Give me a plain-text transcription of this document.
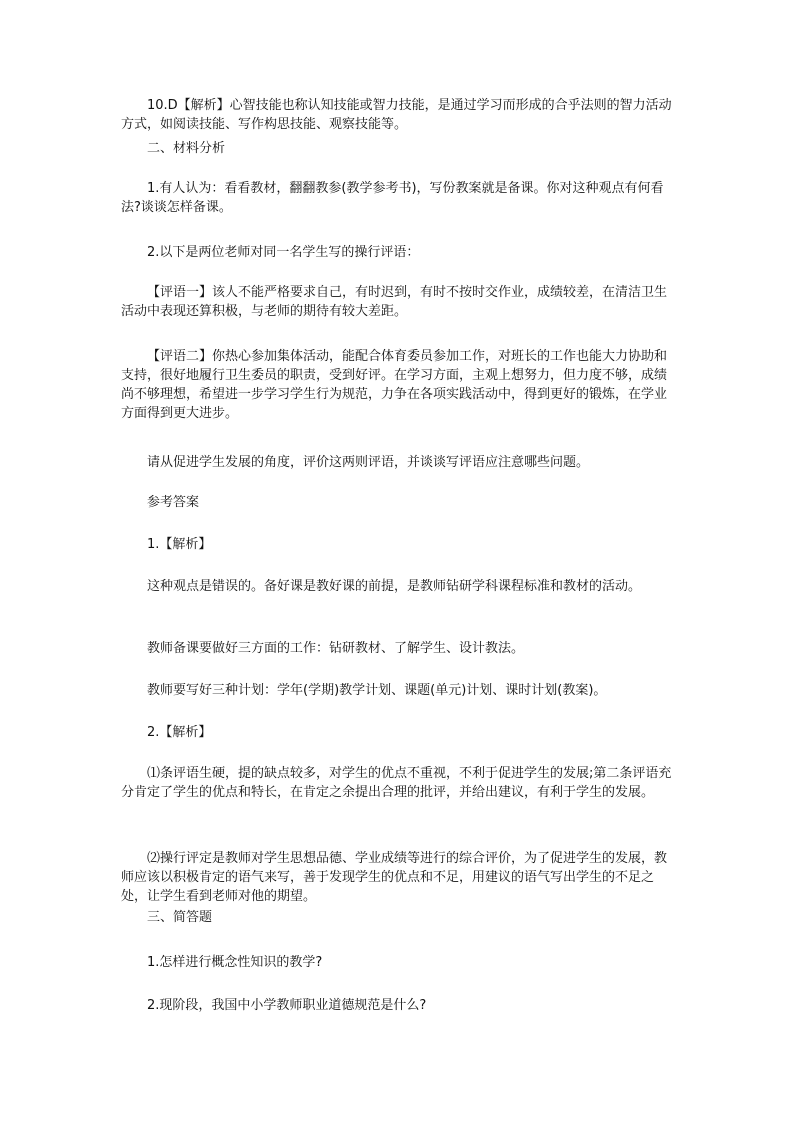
10.D【解析】心智技能也称认知技能或智力技能，是通过学习而形成的合乎法则的智力活动方式，如阅读技能、写作构思技能、观察技能等。

二、材料分析

1.有人认为：看看教材，翻翻教参(教学参考书)，写份教案就是备课。你对这种观点有何看法?谈谈怎样备课。

2.以下是两位老师对同一名学生写的操行评语：

【评语一】该人不能严格要求自己，有时迟到，有时不按时交作业，成绩较差，在清洁卫生活动中表现还算积极，与老师的期待有较大差距。

【评语二】你热心参加集体活动，能配合体育委员参加工作，对班长的工作也能大力协助和支持，很好地履行卫生委员的职责，受到好评。在学习方面，主观上想努力，但力度不够，成绩尚不够理想，希望进一步学习学生行为规范，力争在各项实践活动中，得到更好的锻炼，在学业方面得到更大进步。

请从促进学生发展的角度，评价这两则评语，并谈谈写评语应注意哪些问题。

参考答案

1.【解析】

这种观点是错误的。备好课是教好课的前提，是教师钻研学科课程标准和教材的活动。

教师备课要做好三方面的工作：钻研教材、了解学生、设计教法。

教师要写好三种计划：学年(学期)教学计划、课题(单元)计划、课时计划(教案)。

2.【解析】

⑴条评语生硬，提的缺点较多，对学生的优点不重视，不利于促进学生的发展;第二条评语充分肯定了学生的优点和特长，在肯定之余提出合理的批评，并给出建议，有利于学生的发展。

⑵操行评定是教师对学生思想品德、学业成绩等进行的综合评价，为了促进学生的发展，教师应该以积极肯定的语气来写，善于发现学生的优点和不足，用建议的语气写出学生的不足之处，让学生看到老师对他的期望。

三、简答题

1.怎样进行概念性知识的教学?

2.现阶段，我国中小学教师职业道德规范是什么?
